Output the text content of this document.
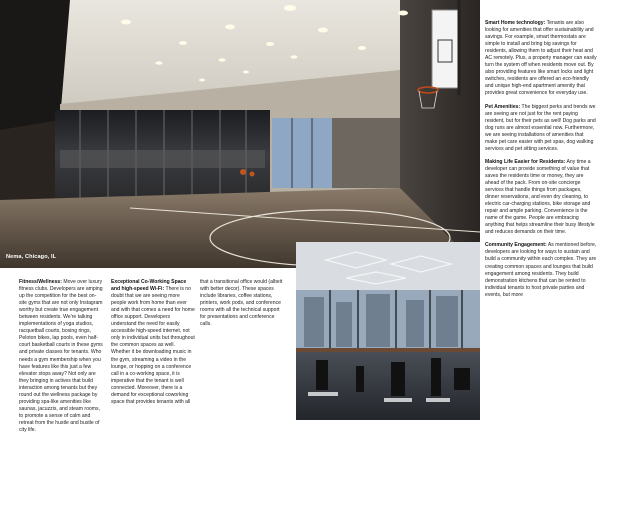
Nema, Chicago, IL
One Bennet, Chicago, IL

Fitness/Wellness: Move over luxury fitness clubs. Developers are amping up the competition for the best on-site gyms that are not only Instagram worthy but create true engagement between residents. We're talking implementations of yoga studios, racquetball courts, boxing rings, Peloton bikes, lap pools, even half-court basketball courts in these gyms and private classes for tenants. Who needs a gym membership when you have features like this just a few elevator stops away? Not only are they bringing in actives that build interaction among tenants but they round out the wellness package by providing spa-like amenities like saunas, jacuzzis, and steam rooms, to promote a sense of calm and retreat from the hustle and bustle of city life.

Exceptional Co-Working Space and high-speed Wi-Fi: There is no doubt that we are seeing more people work from home than ever and with that comes a need for home office support. Developers understand the need for easily accessible high-speed internet, not only in individual units but throughout the common spaces as well. Whether it be downloading music in the gym, streaming a video in the lounge, or hopping on a conference call in a co-working space, it is imperative that the tenant is well connected. Moreover, there is a demand for exceptional coworking space that provides tenants with all

that a transitional office would (albeit with better decor). These spaces include libraries, coffee stations, printers, work pods, and conference rooms with all the technical support for presentations and conference calls.

Smart Home technology: Tenants are also looking for amenities that offer sustainability and savings. For example, smart thermostats are simple to install and bring big savings for residents, allowing them to adjust their heat and AC remotely. Plus, a property manager can easily turn the system off when residents move out. By also providing features like smart locks and light switches, residents are offered an eco-friendly and unique high-end apartment amenity that provides great convenience for everyday use.

Pet Amenities: The biggest perks and trends we are seeing are not just for the rent paying resident, but for their pets as well! Dog parks and dog runs are almost essential now. Furthermore, we are seeing installations of amenities that make pet care easier with pet spas, dog walking services and pet sitting services.

Making Life Easier for Residents: Any time a developer can provide something of value that saves the residents time or money, they are ahead of the pack. From on-site concierge services that handle things from packages, dinner reservations, and even dry cleaning, to electric car-charging stations, bike storage and repair and ample parking. Convenience is the name of the game. People are embracing anything that helps streamline their busy lifestyle and reduces demands on their time.

Community Engagement: As mentioned before, developers are looking for ways to sustain and build a community within each complex. They are creating common spaces and lounges that build engagement among residents. They build demonstration kitchens that can be rented to individual tenants to host private parties and events, but more
